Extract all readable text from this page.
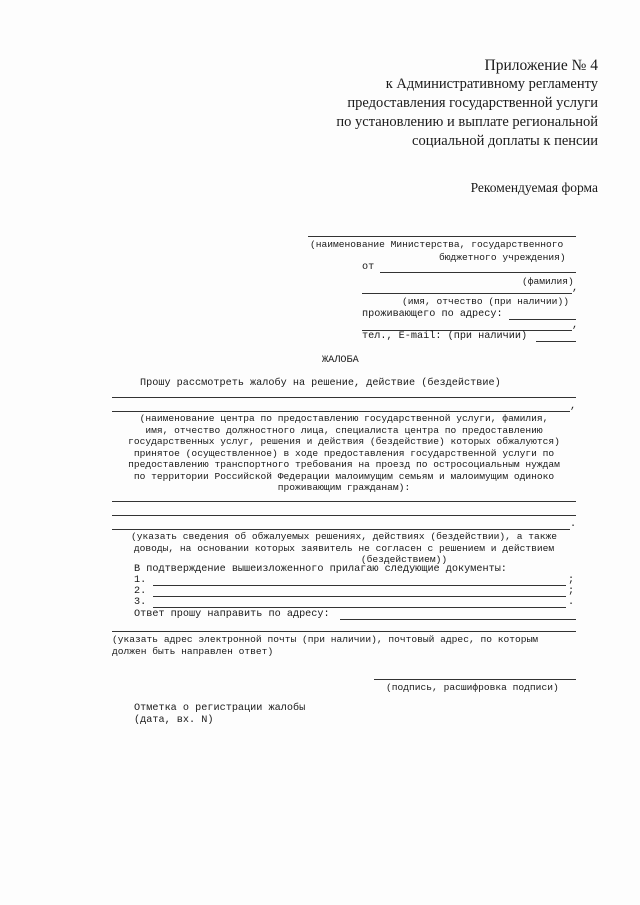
Приложение № 4
к Административному регламенту
предоставления государственной услуги
по установлению и выплате региональной
социальной доплаты к пенсии
Рекомендуемая форма
(наименование Министерства, государственного
бюджетного учреждения)
от
(фамилия)
,
(имя, отчество (при наличии))
проживающего по адресу:
,
тел., E-mail: (при наличии)
ЖАЛОБА
Прошу рассмотреть жалобу на решение, действие (бездействие)
,
(наименование центра по предоставлению государственной услуги, фамилия,
имя, отчество должностного лица, специалиста центра по предоставлению
государственных услуг, решения и действия (бездействие) которых обжалуются)
принятое (осуществленное) в ходе предоставления государственной услуги по
предоставлению транспортного требования на проезд по остросоциальным нуждам
по территории Российской Федерации малоимущим семьям и малоимущим одиноко
проживающим гражданам):
.
(указать сведения об обжалуемых решениях, действиях (бездействии), а также
доводы, на основании которых заявитель не согласен с решением и действием
(бездействием))
В подтверждение вышеизложенного прилагаю следующие документы:
1.	;
2.	;
3.	.
Ответ прошу направить по адресу:
(указать адрес электронной почты (при наличии), почтовый адрес, по которым
должен быть направлен ответ)
(подпись, расшифровка подписи)
Отметка о регистрации жалобы
(дата, вх. N)
